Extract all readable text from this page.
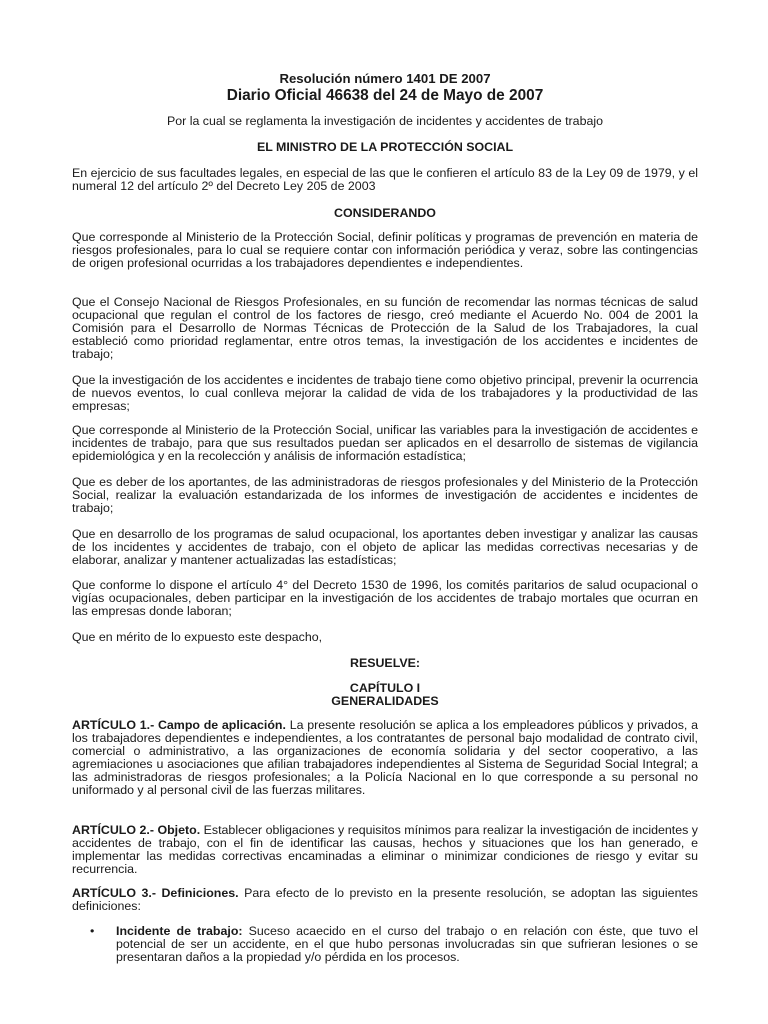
Resolución número 1401 DE 2007
Diario Oficial 46638 del 24 de Mayo de 2007
Por la cual se reglamenta la investigación de incidentes y accidentes de trabajo
EL MINISTRO DE LA PROTECCIÓN SOCIAL

En ejercicio de sus facultades legales, en especial de las que le confieren el artículo 83 de la Ley 09 de 1979, y el numeral 12 del artículo 2º del Decreto Ley 205 de 2003

CONSIDERANDO

Que corresponde al Ministerio de la Protección Social, definir políticas y programas de prevención en materia de riesgos profesionales, para lo cual se requiere contar con información periódica y veraz, sobre las contingencias de origen profesional ocurridas a los trabajadores dependientes e independientes.

Que el Consejo Nacional de Riesgos Profesionales, en su función de recomendar las normas técnicas de salud ocupacional que regulan el control de los factores de riesgo, creó mediante el Acuerdo No. 004 de 2001 la Comisión para el Desarrollo de Normas Técnicas de Protección de la Salud de los Trabajadores, la cual estableció como prioridad reglamentar, entre otros temas, la investigación de los accidentes e incidentes de trabajo;

Que la investigación de los accidentes e incidentes de trabajo tiene como objetivo principal, prevenir la ocurrencia de nuevos eventos, lo cual conlleva mejorar la calidad de vida de los trabajadores y la productividad de las empresas;

Que corresponde al Ministerio de la Protección Social, unificar las variables para la investigación de accidentes e incidentes de trabajo, para que sus resultados puedan ser aplicados en el desarrollo de sistemas de vigilancia epidemiológica y en la recolección y análisis de información estadística;

Que es deber de los aportantes, de las administradoras de riesgos profesionales y del Ministerio de la Protección Social, realizar la evaluación estandarizada de los informes de investigación de accidentes e incidentes de trabajo;

Que en desarrollo de los programas de salud ocupacional, los aportantes deben investigar y analizar las causas de los incidentes y accidentes de trabajo, con el objeto de aplicar las medidas correctivas necesarias y de elaborar, analizar y mantener actualizadas las estadísticas;

Que conforme lo dispone el artículo 4° del Decreto 1530 de 1996, los comités paritarios de salud ocupacional o vigías ocupacionales, deben participar en la investigación de los accidentes de trabajo mortales que ocurran en las empresas donde laboran;

Que en mérito de lo expuesto este despacho,

RESUELVE:
CAPÍTULO I
GENERALIDADES

ARTÍCULO 1.- Campo de aplicación. La presente resolución se aplica a los empleadores públicos y privados, a los trabajadores dependientes e independientes, a los contratantes de personal bajo modalidad de contrato civil, comercial o administrativo, a las organizaciones de economía solidaria y del sector cooperativo, a las agremiaciones u asociaciones que afilian trabajadores independientes al Sistema de Seguridad Social Integral; a las administradoras de riesgos profesionales; a la Policía Nacional en lo que corresponde a su personal no uniformado y al personal civil de las fuerzas militares.

ARTÍCULO 2.- Objeto. Establecer obligaciones y requisitos mínimos para realizar la investigación de incidentes y accidentes de trabajo, con el fin de identificar las causas, hechos y situaciones que los han generado, e implementar las medidas correctivas encaminadas a eliminar o minimizar condiciones de riesgo y evitar su recurrencia.

ARTÍCULO 3.- Definiciones. Para efecto de lo previsto en la presente resolución, se adoptan las siguientes definiciones:

•	Incidente de trabajo: Suceso acaecido en el curso del trabajo o en relación con éste, que tuvo el potencial de ser un accidente, en el que hubo personas involucradas sin que sufrieran lesiones o se presentaran daños a la propiedad y/o pérdida en los procesos.
